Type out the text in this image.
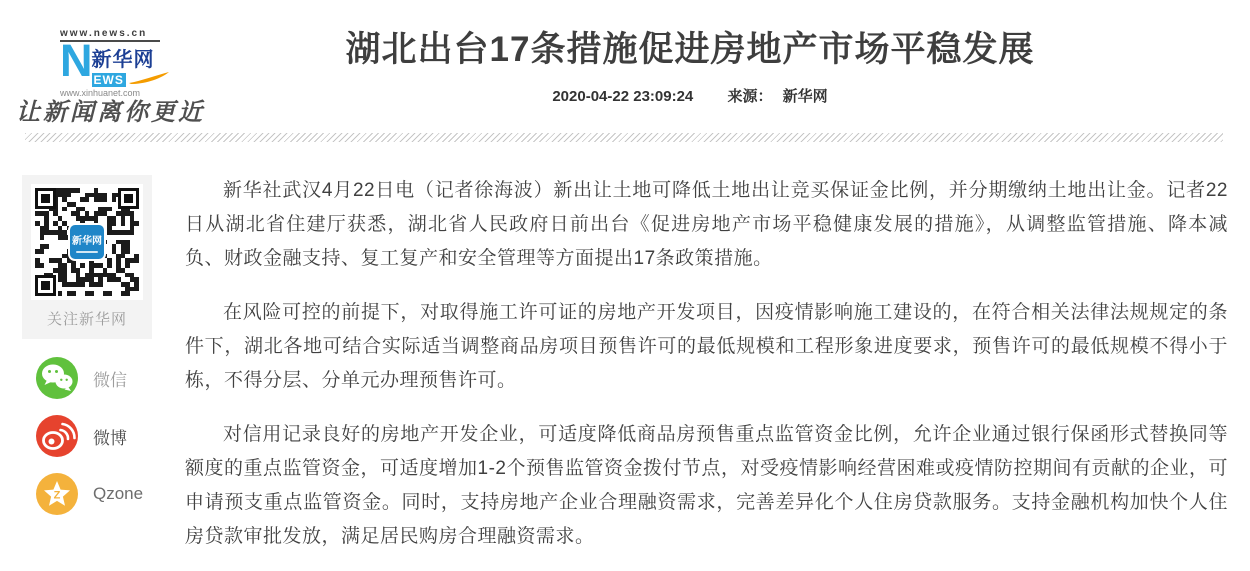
www.news.cn
N 新华网
EWS
www.xinhuanet.com
让新闻离你更近
湖北出台17条措施促进房地产市场平稳发展
2020-04-22 23:09:24 来源： 新华网
新华网
关注新华网
微信
微博
Z Qzone

新华社武汉4月22日电（记者徐海波）新出让土地可降低土地出让竞买保证金比例，并分期缴纳土地出让金。记者22日从湖北省住建厅获悉，湖北省人民政府日前出台《促进房地产市场平稳健康发展的措施》，从调整监管措施、降本减负、财政金融支持、复工复产和安全管理等方面提出17条政策措施。

在风险可控的前提下，对取得施工许可证的房地产开发项目，因疫情影响施工建设的，在符合相关法律法规规定的条件下，湖北各地可结合实际适当调整商品房项目预售许可的最低规模和工程形象进度要求，预售许可的最低规模不得小于栋，不得分层、分单元办理预售许可。

对信用记录良好的房地产开发企业，可适度降低商品房预售重点监管资金比例，允许企业通过银行保函形式替换同等额度的重点监管资金，可适度增加1-2个预售监管资金拨付节点，对受疫情影响经营困难或疫情防控期间有贡献的企业，可申请预支重点监管资金。同时，支持房地产企业合理融资需求，完善差异化个人住房贷款服务。支持金融机构加快个人住房贷款审批发放，满足居民购房合理融资需求。
